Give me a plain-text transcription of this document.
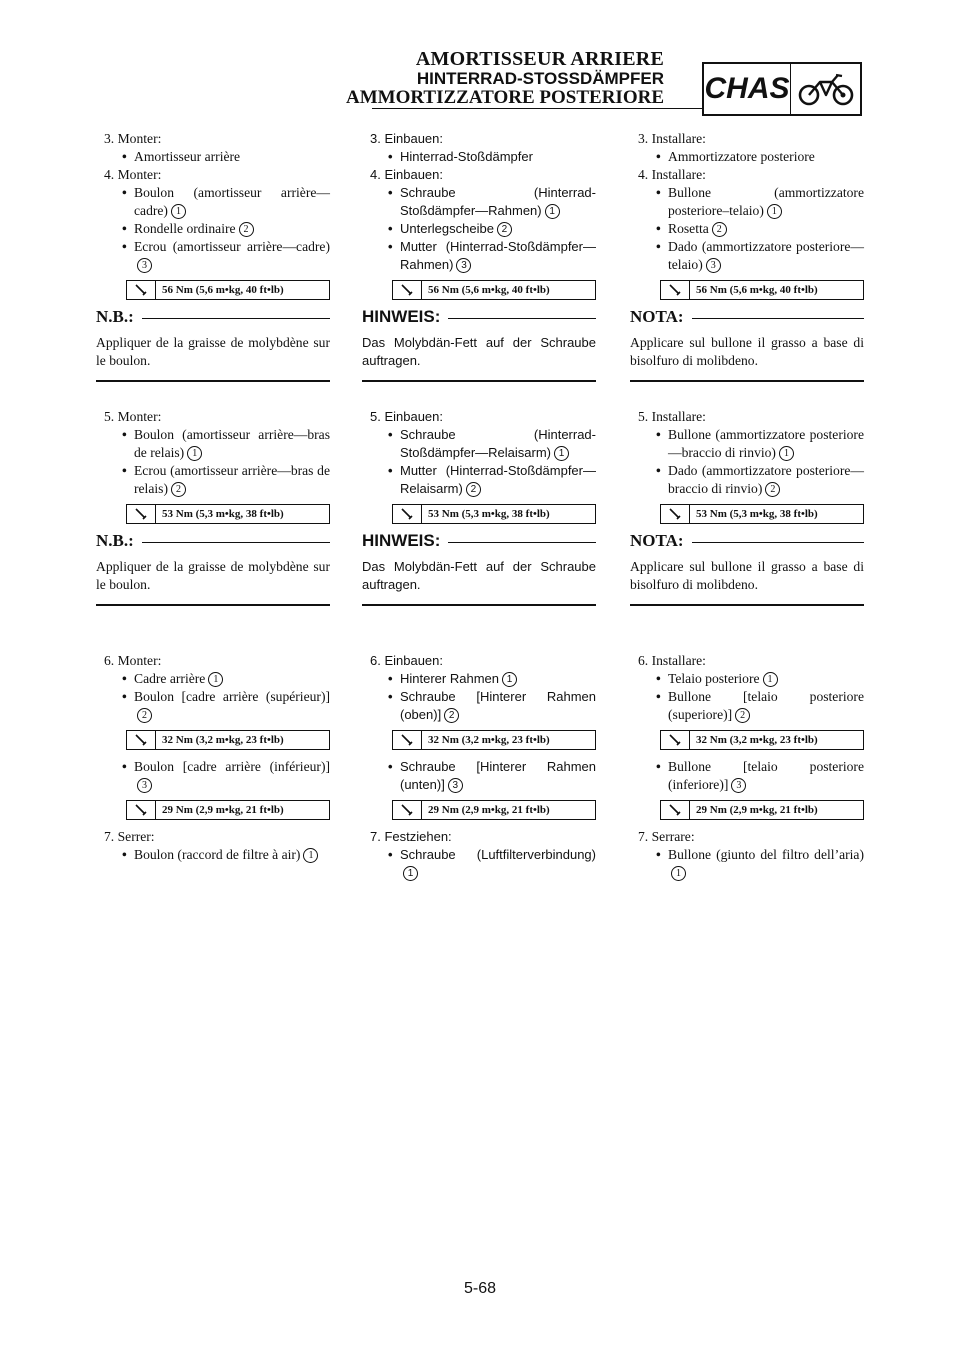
AMORTISSEUR ARRIERE
HINTERRAD-STOSSDÄMPFER
AMMORTIZZATORE POSTERIORE CHAS
3. Monter:
• Amortisseur arrière
4. Monter:
• Boulon (amortisseur arrière—cadre) 1
• Rondelle ordinaire 2
• Ecrou (amortisseur arrière—cadre)3
56 Nm (5,6 m•kg, 40 ft•lb)
N.B.:
Appliquer de la graisse de molybdène sur le boulon.
5. Monter:
• Boulon (amortisseur arrière—bras de relais) 1
• Ecrou (amortisseur arrière—bras de relais) 2
53 Nm (5,3 m•kg, 38 ft•lb)
N.B.:
Appliquer de la graisse de molybdène sur le boulon.
6. Monter:
• Cadre arrière 1
• Boulon [cadre arrière (supérieur)]2
32 Nm (3,2 m•kg, 23 ft•lb)
• Boulon [cadre arrière (inférieur)]3
29 Nm (2,9 m•kg, 21 ft•lb)
7. Serrer:
• Boulon (raccord de filtre à air) 1
3. Einbauen:
• Hinterrad-Stoßdämpfer
4. Einbauen:
• Schraube (Hinterrad-Stoßdämpfer—Rahmen) 1
• Unterlegscheibe 2
• Mutter (Hinterrad-Stoßdämpfer—Rahmen) 3
56 Nm (5,6 m•kg, 40 ft•lb)
HINWEIS:
Das Molybdän-Fett auf der Schraube auftragen.
5. Einbauen:
• Schraube (Hinterrad-Stoßdämpfer—Relaisarm) 1
• Mutter (Hinterrad-Stoßdämpfer—Relaisarm) 2
53 Nm (5,3 m•kg, 38 ft•lb)
HINWEIS:
Das Molybdän-Fett auf der Schraube auftragen.
6. Einbauen:
• Hinterer Rahmen 1
• Schraube [Hinterer Rahmen (oben)] 2
32 Nm (3,2 m•kg, 23 ft•lb)
• Schraube [Hinterer Rahmen (unten)] 3
29 Nm (2,9 m•kg, 21 ft•lb)
7. Festziehen:
• Schraube (Luftfilterverbindung)1
3. Installare:
• Ammortizzatore posteriore
4. Installare:
• Bullone (ammortizzatore posteriore–telaio) 1
• Rosetta 2
• Dado (ammortizzatore posteriore—telaio) 3
56 Nm (5,6 m•kg, 40 ft•lb)
NOTA:
Applicare sul bullone il grasso a base di bisolfuro di molibdeno.
5. Installare:
• Bullone (ammortizzatore posteriore—braccio di rinvio) 1
• Dado (ammortizzatore posteriore—braccio di rinvio) 2
53 Nm (5,3 m•kg, 38 ft•lb)
NOTA:
Applicare sul bullone il grasso a base di bisolfuro di molibdeno.
6. Installare:
• Telaio posteriore 1
• Bullone [telaio posteriore (superiore)] 2
32 Nm (3,2 m•kg, 23 ft•lb)
• Bullone [telaio posteriore (inferiore)] 3
29 Nm (2,9 m•kg, 21 ft•lb)
7. Serrare:
• Bullone (giunto del filtro dell’aria)1
5-68
